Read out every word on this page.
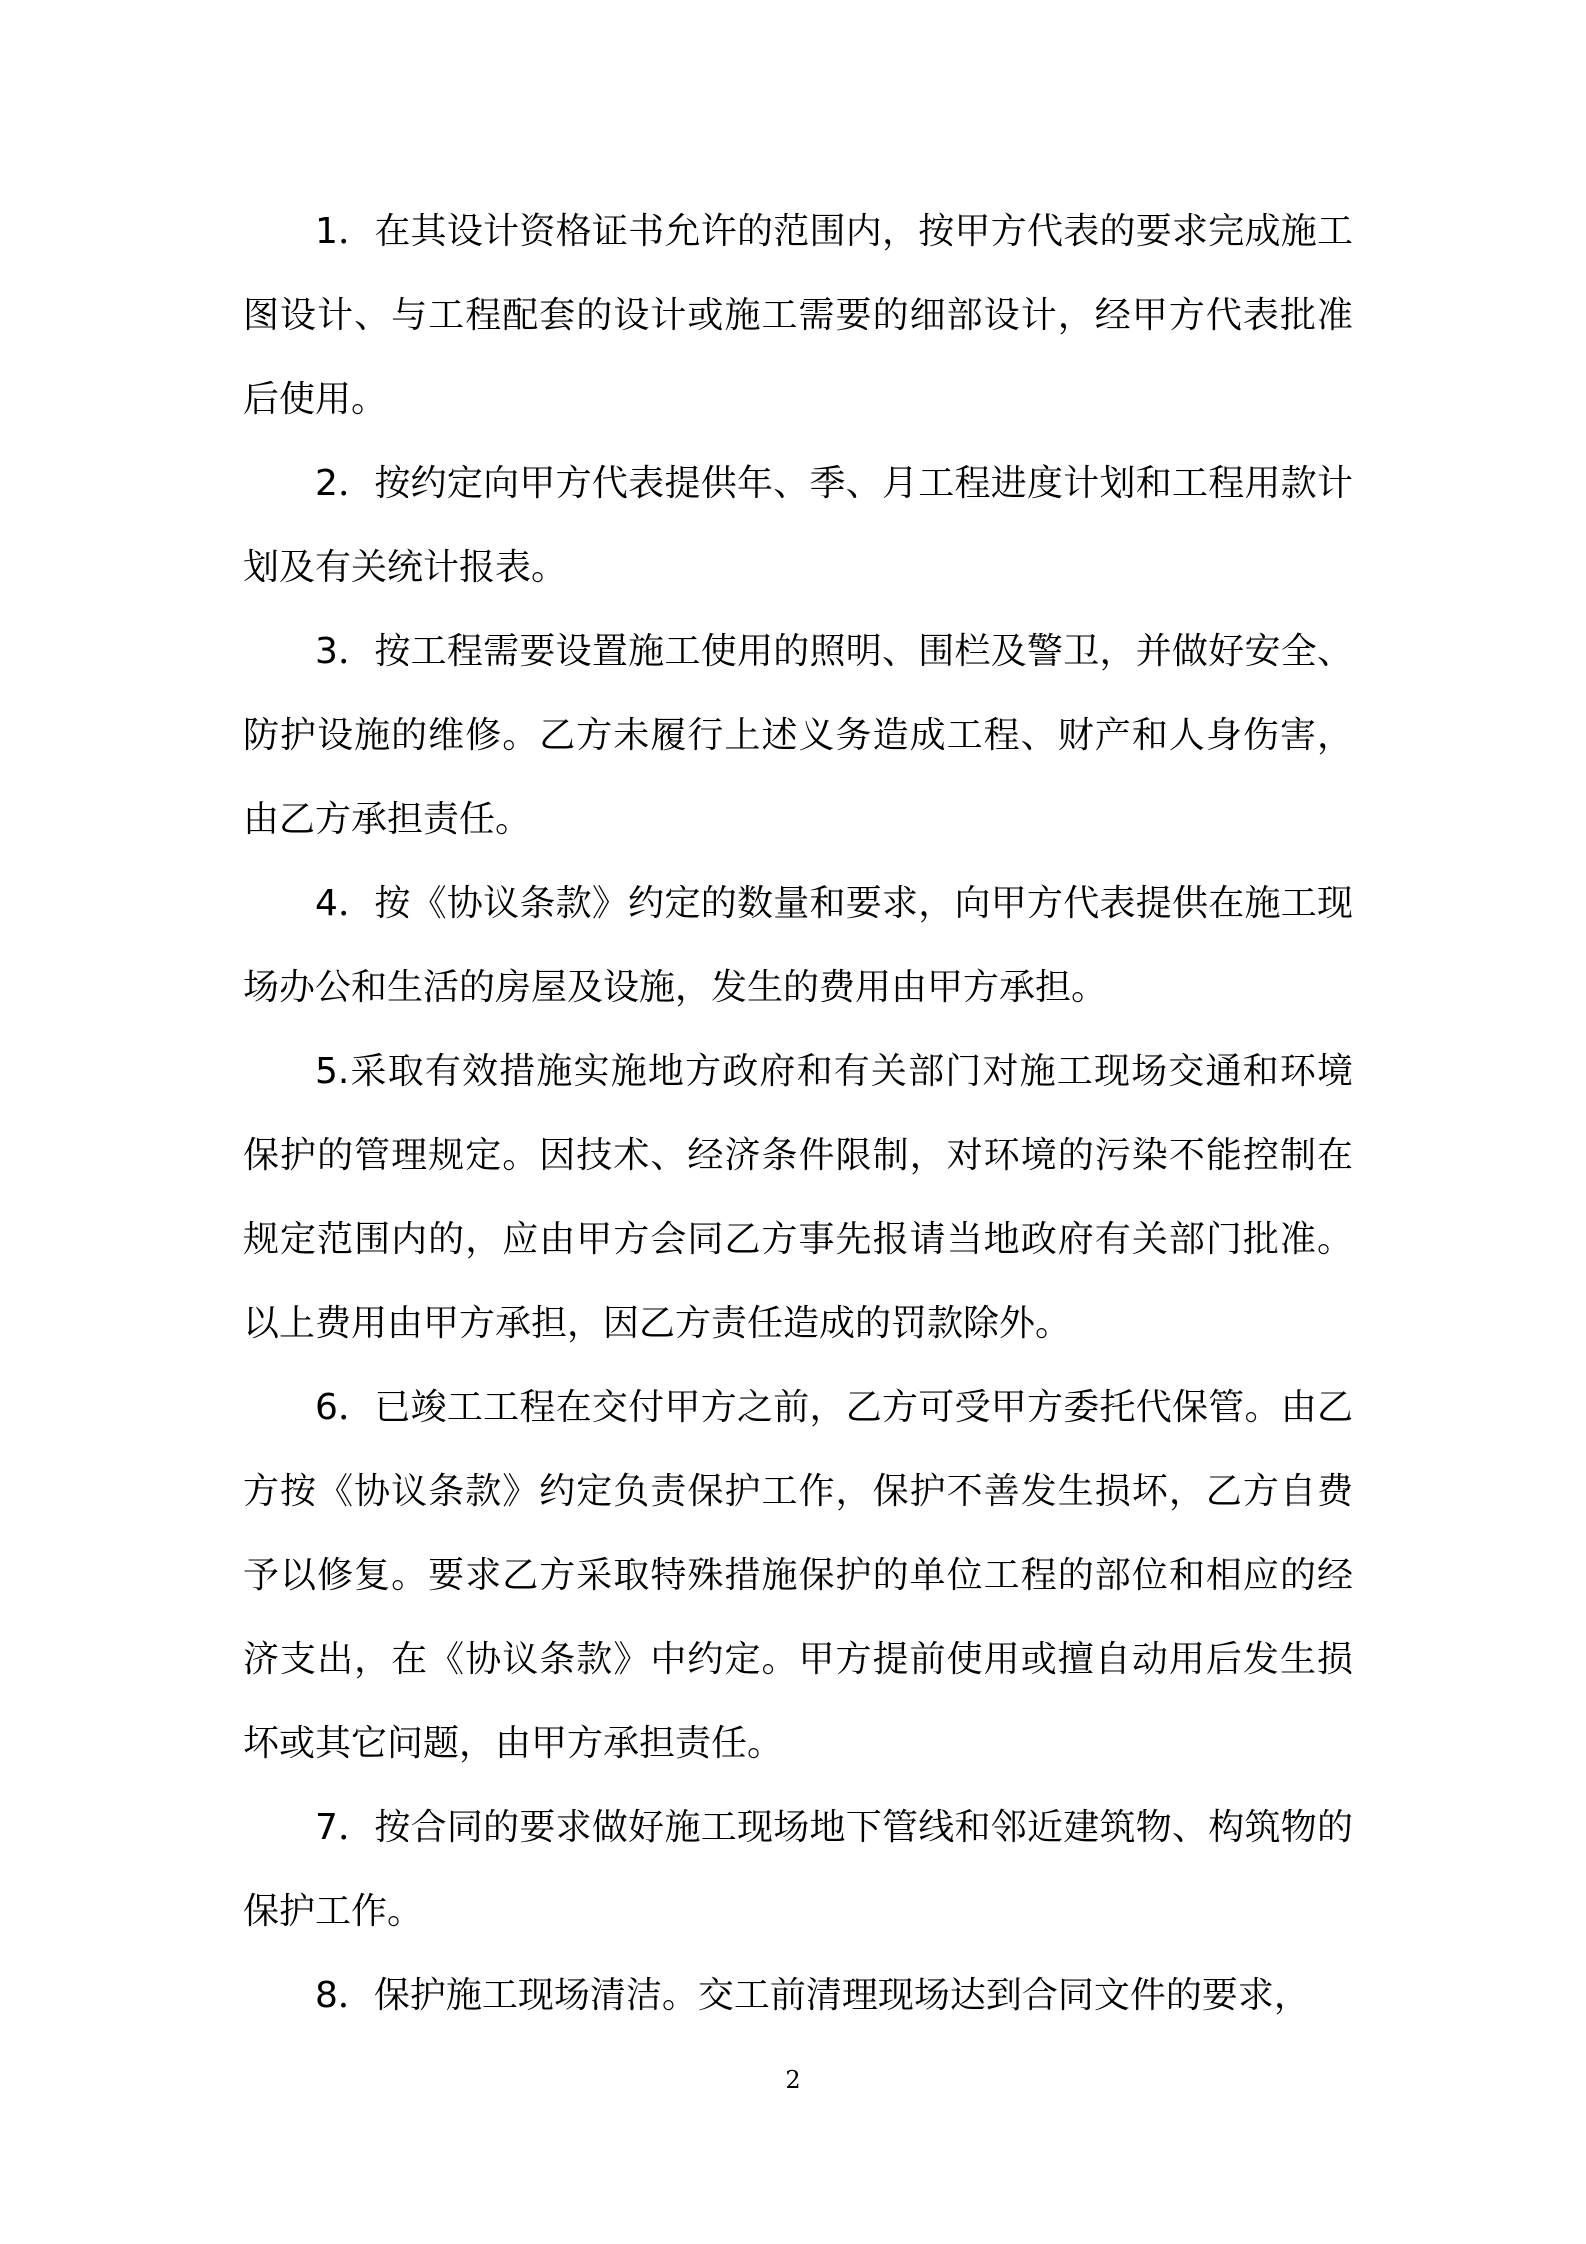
1．在其设计资格证书允许的范围内，按甲方代表的要求完成施工图设计、与工程配套的设计或施工需要的细部设计，经甲方代表批准后使用。

2．按约定向甲方代表提供年、季、月工程进度计划和工程用款计划及有关统计报表。

3．按工程需要设置施工使用的照明、围栏及警卫，并做好安全、防护设施的维修。乙方未履行上述义务造成工程、财产和人身伤害，由乙方承担责任。

4．按《协议条款》约定的数量和要求，向甲方代表提供在施工现场办公和生活的房屋及设施，发生的费用由甲方承担。

5.采取有效措施实施地方政府和有关部门对施工现场交通和环境保护的管理规定。因技术、经济条件限制，对环境的污染不能控制在规定范围内的，应由甲方会同乙方事先报请当地政府有关部门批准。以上费用由甲方承担，因乙方责任造成的罚款除外。

6．已竣工工程在交付甲方之前，乙方可受甲方委托代保管。由乙方按《协议条款》约定负责保护工作，保护不善发生损坏，乙方自费予以修复。要求乙方采取特殊措施保护的单位工程的部位和相应的经济支出，在《协议条款》中约定。甲方提前使用或擅自动用后发生损坏或其它问题，由甲方承担责任。

7．按合同的要求做好施工现场地下管线和邻近建筑物、构筑物的保护工作。

8．保护施工现场清洁。交工前清理现场达到合同文件的要求，

2
